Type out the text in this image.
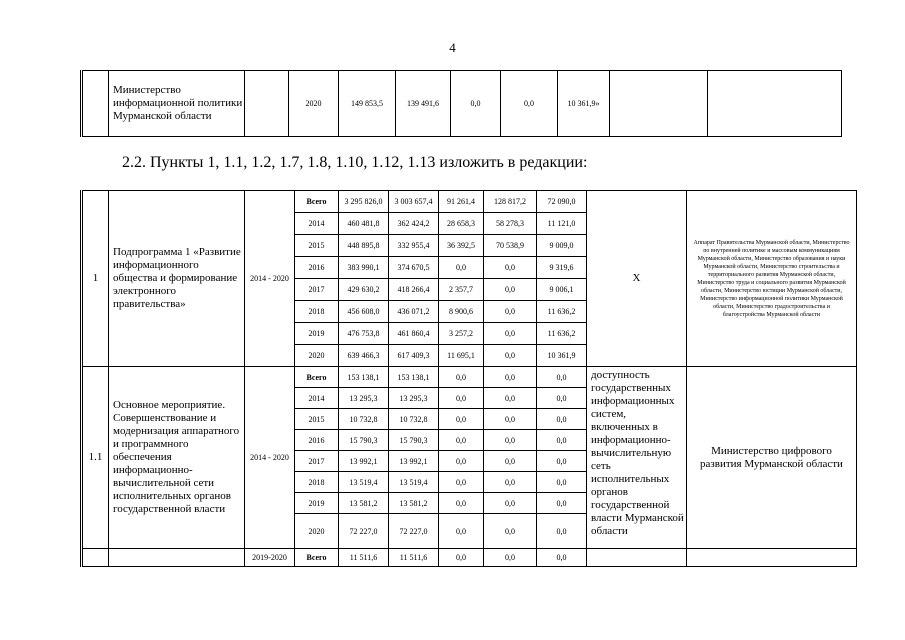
4
	Министерство информационной политики Мурманской области		2020	149 853,5	139 491,6	0,0	0,0	10 361,9»		
2.2. Пункты 1, 1.1, 1.2, 1.7, 1.8, 1.10, 1.12, 1.13 изложить в редакции:
1	Подпрограмма 1 «Развитие информационного общества и формирование электронного правительства»	2014 - 2020	Всего	3 295 826,0	3 003 657,4	91 261,4	128 817,2	72 090,0	Х	Аппарат Правительства Мурманской области, Министерство по внутренней политике и массовым коммуникациям Мурманской области, Министерство образования и науки Мурманской области, Министерство строительства и территориального развития Мурманской области, Министерство труда и социального развития Мурманской области, Министерство юстиции Мурманской области, Министерство информационной политики Мурманской области, Министерство градостроительства и благоустройства Мурманской области
			2014	460 481,8	362 424,2	28 658,3	58 278,3	11 121,0		
			2015	448 895,8	332 955,4	36 392,5	70 538,9	9 009,0		
			2016	383 990,1	374 670,5	0,0	0,0	9 319,6		
			2017	429 630,2	418 266,4	2 357,7	0,0	9 006,1		
			2018	456 608,0	436 071,2	8 900,6	0,0	11 636,2		
			2019	476 753,8	461 860,4	3 257,2	0,0	11 636,2		
			2020	639 466,3	617 409,3	11 695,1	0,0	10 361,9		
1.1	Основное мероприятие. Совершенствование и модернизация аппаратного и программного обеспечения информационно-вычислительной сети исполнительных органов государственной власти	2014 - 2020	Всего	153 138,1	153 138,1	0,0	0,0	0,0	доступность государственных информационных систем, включенных в информационно-вычислительную сеть исполнительных органов государственной власти Мурманской области	Министерство цифрового развития Мурманской области
			2014	13 295,3	13 295,3	0,0	0,0	0,0		
			2015	10 732,8	10 732,8	0,0	0,0	0,0		
			2016	15 790,3	15 790,3	0,0	0,0	0,0		
			2017	13 992,1	13 992,1	0,0	0,0	0,0		
			2018	13 519,4	13 519,4	0,0	0,0	0,0		
			2019	13 581,2	13 581,2	0,0	0,0	0,0		
			2020	72 227,0	72 227,0	0,0	0,0	0,0		
		2019-2020	Всего	11 511,6	11 511,6	0,0	0,0	0,0		
